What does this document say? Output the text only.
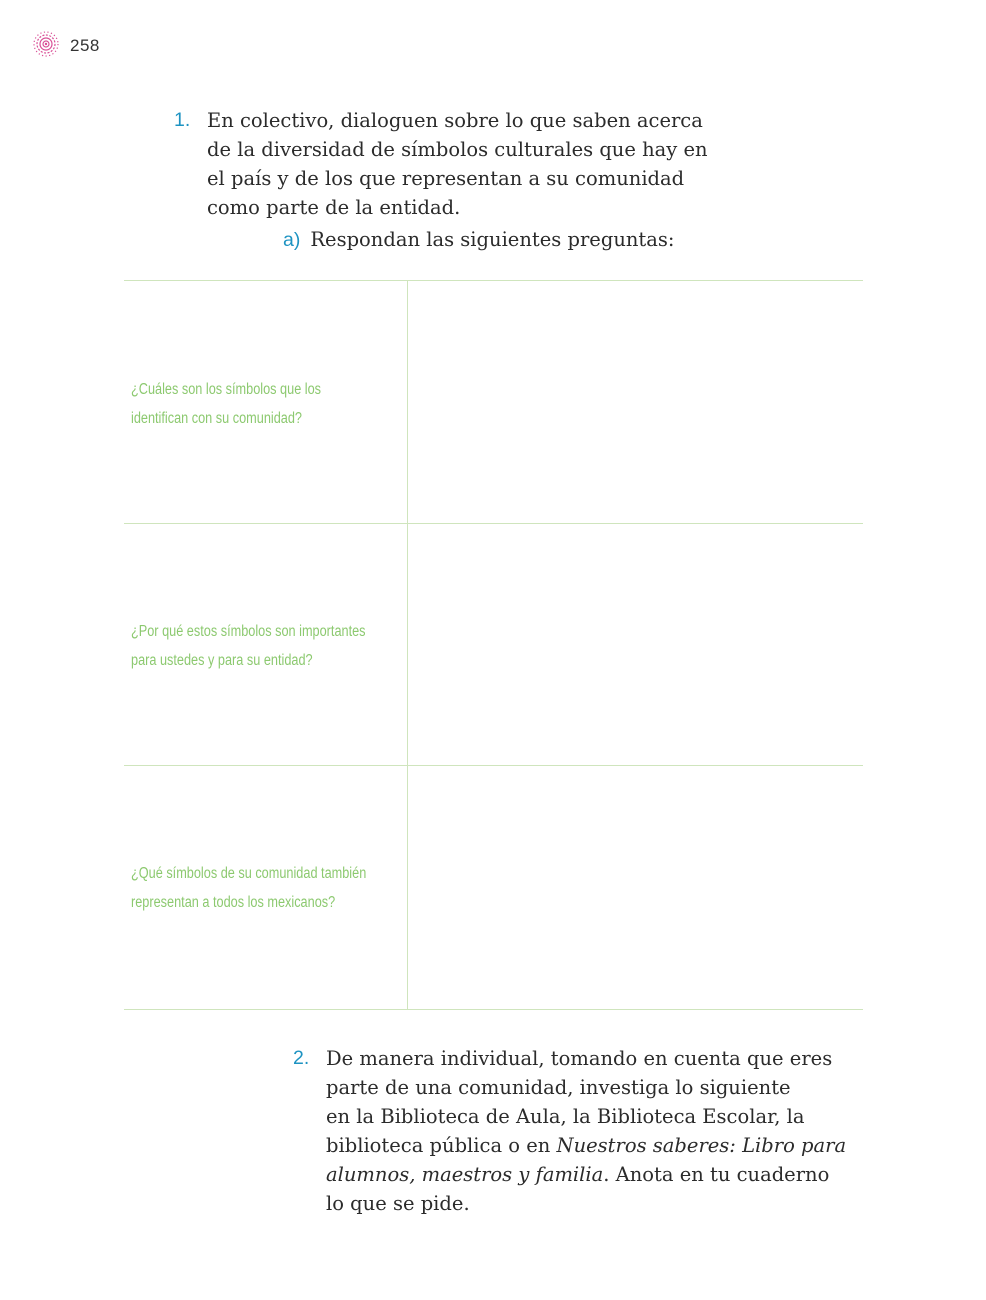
258
1. En colectivo, dialoguen sobre lo que saben acerca
de la diversidad de símbolos culturales que hay en
el país y de los que representan a su comunidad
como parte de la entidad.
a) Respondan las siguientes preguntas:
¿Cuáles son los símbolos que los
identifican con su comunidad?
¿Por qué estos símbolos son importantes
para ustedes y para su entidad?
¿Qué símbolos de su comunidad también
representan a todos los mexicanos?
2. De manera individual, tomando en cuenta que eres
parte de una comunidad, investiga lo siguiente
en la Biblioteca de Aula, la Biblioteca Escolar, la
biblioteca pública o en Nuestros saberes: Libro para
alumnos, maestros y familia. Anota en tu cuaderno
lo que se pide.
